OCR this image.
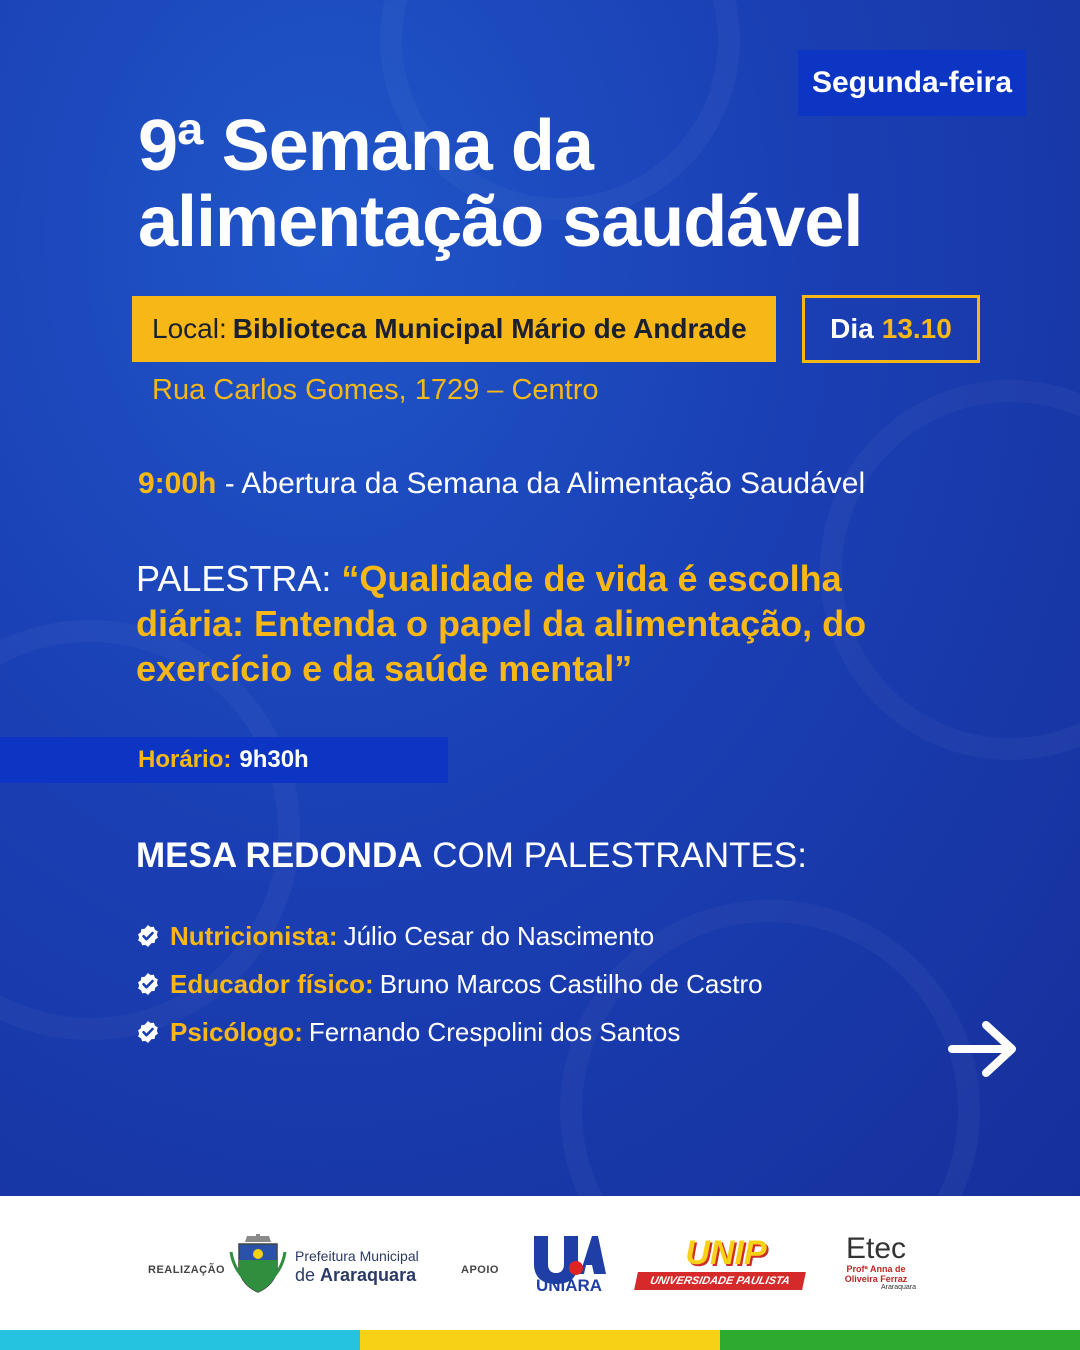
Segunda-feira
9ª Semana da
alimentação saudável
Local: Biblioteca Municipal Mário de Andrade	Dia 13.10
Rua Carlos Gomes, 1729 – Centro
9:00h - Abertura da Semana da Alimentação Saudável
PALESTRA: “Qualidade de vida é escolha
diária: Entenda o papel da alimentação, do
exercício e da saúde mental”
Horário: 9h30h
MESA REDONDA COM PALESTRANTES:
Nutricionista: Júlio Cesar do Nascimento
Educador físico: Bruno Marcos Castilho de Castro
Psicólogo: Fernando Crespolini dos Santos
REALIZAÇÃO
Prefeitura Municipal
de Araraquara	APOIO
UNIARA
UNIP
UNIVERSIDADE PAULISTA
Etec
Profª Anna de Oliveira Ferraz
Araraquara
